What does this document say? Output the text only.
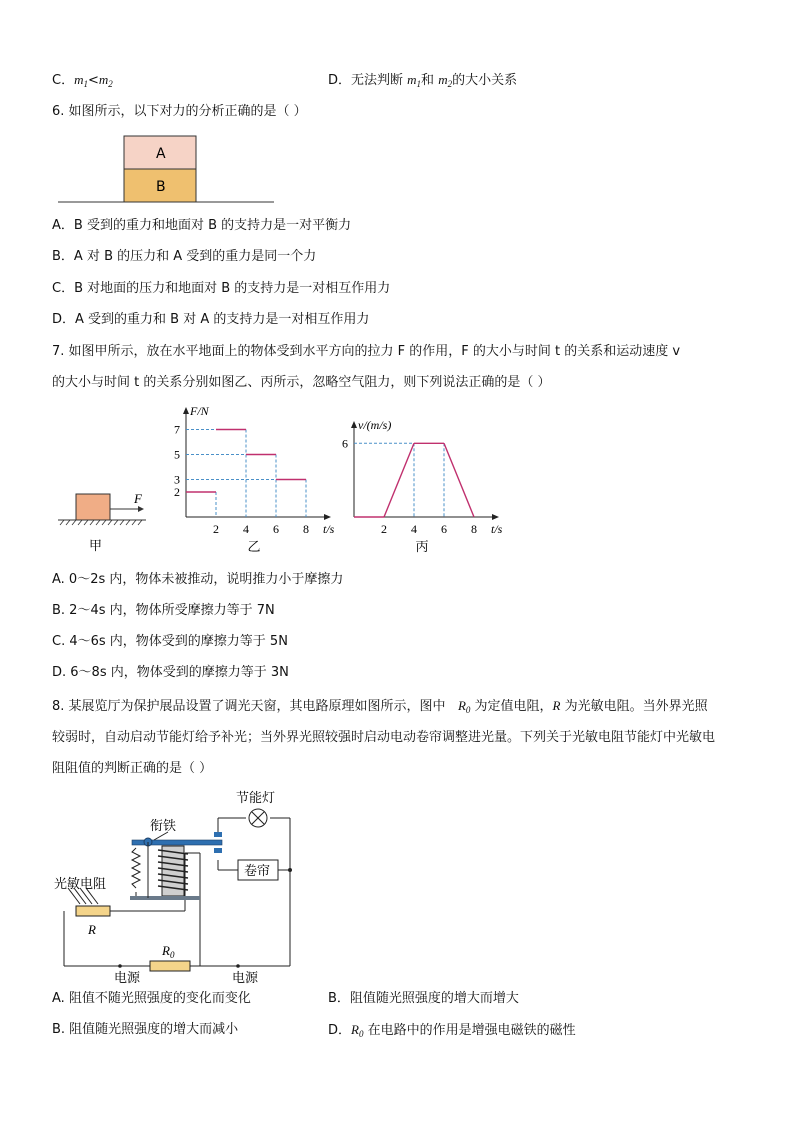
C．$m_1<m_2$	D．无法判断 $m_1$和 $m_2$的大小关系
6. 如图所示，以下对力的分析正确的是（ ）
A
B
A．B 受到的重力和地面对 B 的支持力是一对平衡力
B．A 对 B 的压力和 A 受到的重力是同一个力
C．B 对地面的压力和地面对 B 的支持力是一对相互作用力
D．A 受到的重力和 B 对 A 的支持力是一对相互作用力
7. 如图甲所示，放在水平地面上的物体受到水平方向的拉力 F 的作用，F 的大小与时间 t 的关系和运动速度 v
的大小与时间 t 的关系分别如图乙、丙所示，忽略空气阻力，则下列说法正确的是（ ）
F
甲
F/N
t/s
2 4 6 8
2
3
5
7
乙
v/(m/s)
t/s
2 4 6 8
6
丙
A. 0～2s 内，物体未被推动，说明推力小于摩擦力
B. 2～4s 内，物体所受摩擦力等于 7N
C. 4～6s 内，物体受到的摩擦力等于 5N
D. 6～8s 内，物体受到的摩擦力等于 3N
8. 某展览厅为保护展品设置了调光天窗，其电路原理如图所示，图中 $R_0$ 为定值电阻，R 为光敏电阻。当外界光照
较弱时，自动启动节能灯给予补光；当外界光照较强时启动电动卷帘调整进光量。下列关于光敏电阻节能灯中光敏电
阻阻值的判断正确的是（ ）
光敏电阻
R
$R_0$
电源	电源
衔铁
节能灯
卷帘
A. 阻值不随光照强度的变化而变化	B．阻值随光照强度的增大而增大
B. 阻值随光照强度的增大而减小	D．$R_0$ 在电路中的作用是增强电磁铁的磁性
